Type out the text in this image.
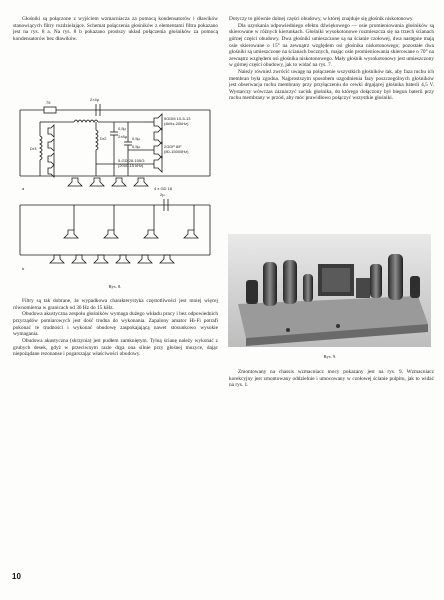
Głośniki są połączone z wyjściem wzmacniacza za pomocą kondensatorów i dławików stanowiących filtry rozdzielające. Schemat połączenia głośników z elementami filtra pokazano jest na rys. 8 a. Na rys. 8 b pokazano prostszy układ połączenia głośników za pomocą kondensatorów bez dławików.

75
2×4μ
0,5μ
2×8μ
Dr2	0,5μ
Dr3	0,5μ
5GDM 10-5-13
(4kHz-20kHz)
2GDP 8/F
(80-15000Hz)
5-GD 28-155/3
(2000-15 kHz)
4 x GD 18
a
b
2μ
Rys. 8.

Filtry są tak dobrane, że wypadkowa charakterystyka częstotliwości jest mniej więcej równomierna w granicach od 30 Hz do 15 kHz.

Obudowa akustyczna zespołu głośników wymaga dużego wkładu pracy i bez odpowiednich przyrządów pomiarowych jest dość trudna do wykonania. Zapalony amator Hi-Fi potrafi pokonać te trudności i wykonać obudowę zaspokajającą nawet stosunkowo wysokie wymagania.

Obudowa akustyczna (skrzynia) jest pudłem zamkniętym. Tylną ścianę należy wykonać z grubych desek, gdyż w przeciwnym razie drga ona silnie przy głośnej muzyce, dając niepożądane rezonanse i pogarszając właściwości obudowy.

Dotyczy to głównie dolnej części obudowy, w której znajduje się głośnik niskotonowy.

Dla uzyskania odpowiedniego efektu dźwiękowego — osie promieniowania głośników są skierowane w różnych kierunkach. Głośniki wysokotonowe rozmieszcza się na trzech ścianach górnej części obudowy. Dwa głośniki umieszczone są na ścianie czołowej, dwa następne mają osie skierowane o 15° na zewnątrz względem osi głośnika niskotonowego; pozostałe dwa głośniki są umieszczone na ścianach bocznych, mając osie promieniowania skierowane o 70° na zewnątrz względem osi głośnika niskotonowego. Mały głośnik wysokotonowy jest umieszczony w górnej części obudowy, jak to widać na rys. 7.

Należy również zwrócić uwagę na połączenie wszystkich głośników tak, aby faza ruchu ich membran była zgodna. Najprostszym sposobem uzgodnienia fazy poszczególnych głośników jest obserwacja ruchu membrany przy przyłączeniu do cewki drgającej głośnika baterii 4,5 V. Wystarczy wówczas zaznaczyć zacisk głośnika, do którego dołączony był biegun baterii przy ruchu membrany w przód, aby móc prawidłowo połączyć wszystkie głośniki.

Rys. 9.

Zmontowany na chassis wzmacniacz mocy pokazany jest na rys. 9. Wzmacniacz korekcyjny jest zmontowany oddzielnie i umocowany w czołowej ścianie pulpitu, jak to widać na rys. 1.

10
